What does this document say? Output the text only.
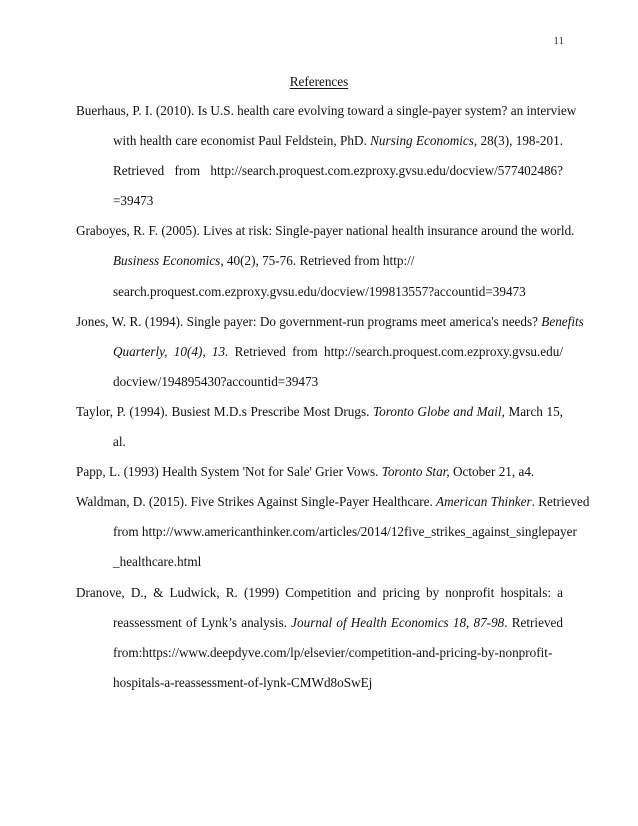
11
References
Buerhaus, P. I. (2010). Is U.S. health care evolving toward a single-payer system? an interview
with health care economist Paul Feldstein, PhD. Nursing Economics, 28(3), 198-201.
Retrieved from http://search.proquest.com.ezproxy.gvsu.edu/docview/577402486?
=39473
Graboyes, R. F. (2005). Lives at risk: Single-payer national health insurance around the world.
Business Economics, 40(2), 75-76. Retrieved from http://
search.proquest.com.ezproxy.gvsu.edu/docview/199813557?accountid=39473
Jones, W. R. (1994). Single payer: Do government-run programs meet america's needs? Benefits
Quarterly, 10(4), 13. Retrieved from http://search.proquest.com.ezproxy.gvsu.edu/
docview/194895430?accountid=39473
Taylor, P. (1994). Busiest M.D.s Prescribe Most Drugs. Toronto Globe and Mail, March 15,
al.
Papp, L. (1993) Health System 'Not for Sale' Grier Vows. Toronto Star, October 21, a4.
Waldman, D. (2015). Five Strikes Against Single-Payer Healthcare. American Thinker. Retrieved
from http://www.americanthinker.com/articles/2014/12five_strikes_against_singlepayer
_healthcare.html
Dranove, D., & Ludwick, R. (1999) Competition and pricing by nonprofit hospitals: a
reassessment of Lynk’s analysis. Journal of Health Economics 18, 87-98. Retrieved
from:https://www.deepdyve.com/lp/elsevier/competition-and-pricing-by-nonprofit-
hospitals-a-reassessment-of-lynk-CMWd8oSwEj
